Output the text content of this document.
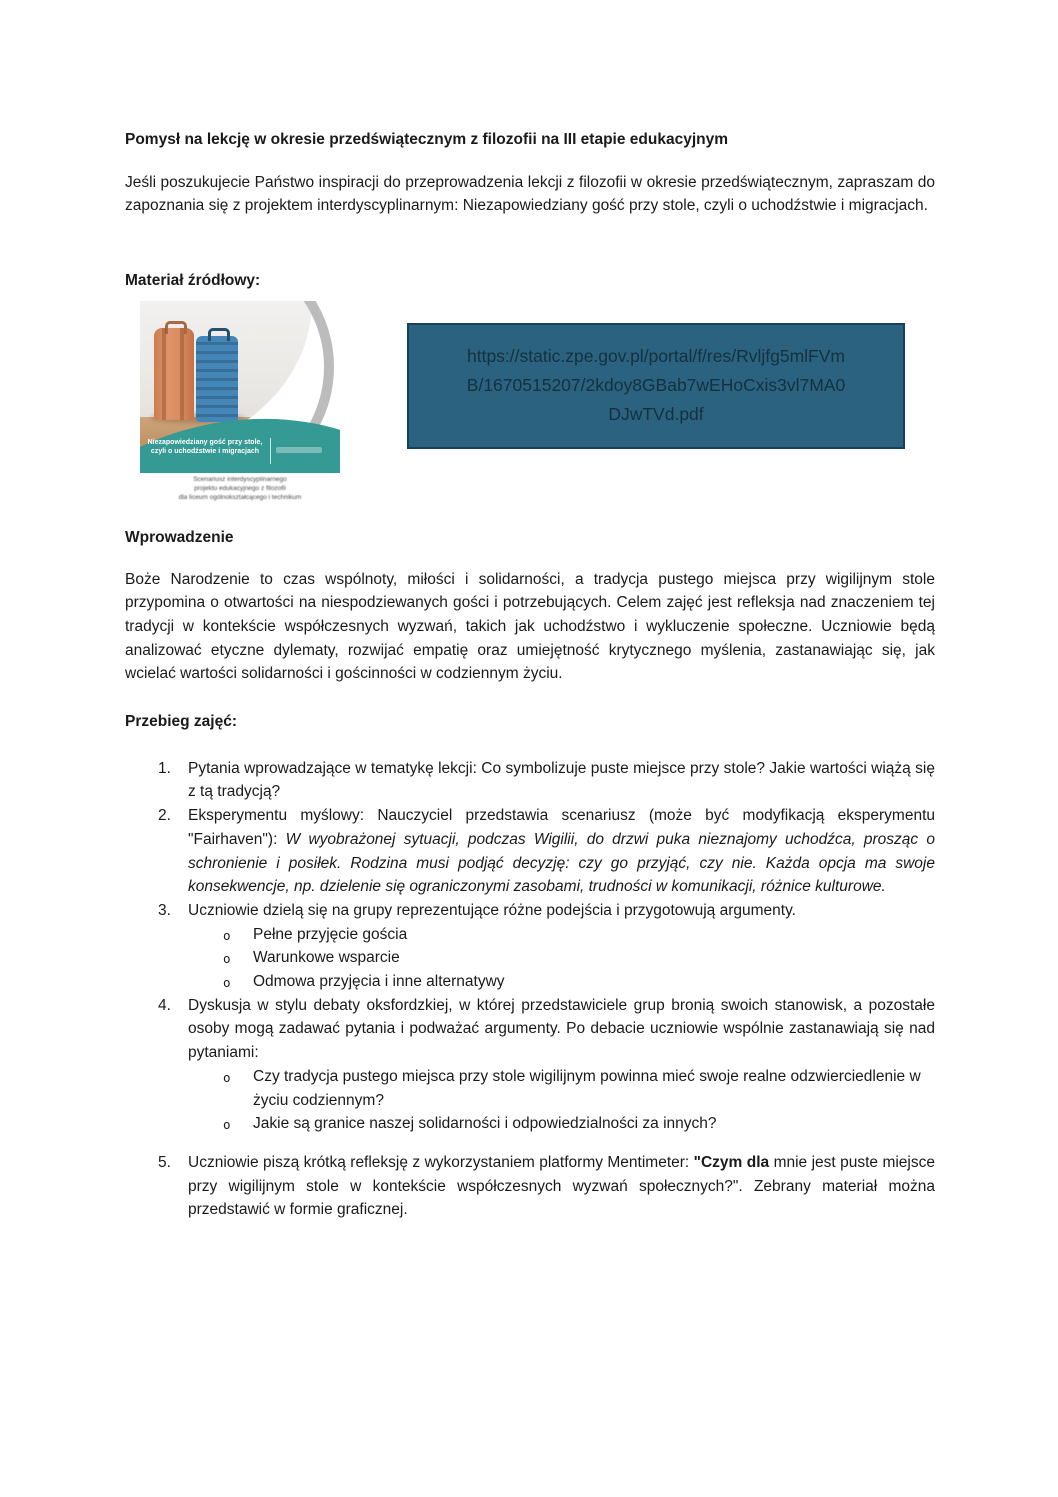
Pomysł na lekcję w okresie przedświątecznym z filozofii na III etapie edukacyjnym

Jeśli poszukujecie Państwo inspiracji do przeprowadzenia lekcji z filozofii w okresie przedświątecznym, zapraszam do zapoznania się z projektem interdyscyplinarnym: Niezapowiedziany gość przy stole, czyli o uchodźstwie i migracjach.

Materiał źródłowy:
Niezapowiedziany gość przy stole,
czyli o uchodźstwie i migracjach
Scenariusz interdyscyplinarnego
projektu edukacyjnego z filozofii
dla liceum ogólnokształcącego i technikum
https://static.zpe.gov.pl/portal/f/res/Rvljfg5mlFVm
B/1670515207/2kdoy8GBab7wEHoCxis3vl7MA0
DJwTVd.pdf
Wprowadzenie

Boże Narodzenie to czas wspólnoty, miłości i solidarności, a tradycja pustego miejsca przy wigilijnym stole przypomina o otwartości na niespodziewanych gości i potrzebujących. Celem zajęć jest refleksja nad znaczeniem tej tradycji w kontekście współczesnych wyzwań, takich jak uchodźstwo i wykluczenie społeczne. Uczniowie będą analizować etyczne dylematy, rozwijać empatię oraz umiejętność krytycznego myślenia, zastanawiając się, jak wcielać wartości solidarności i gościnności w codziennym życiu.

Przebieg zajęć:
1. Pytania wprowadzające w tematykę lekcji: Co symbolizuje puste miejsce przy stole? Jakie wartości wiążą się z tą tradycją?
2. Eksperymentu myślowy: Nauczyciel przedstawia scenariusz (może być modyfikacją eksperymentu "Fairhaven"): W wyobrażonej sytuacji, podczas Wigilii, do drzwi puka nieznajomy uchodźca, prosząc o schronienie i posiłek. Rodzina musi podjąć decyzję: czy go przyjąć, czy nie. Każda opcja ma swoje konsekwencje, np. dzielenie się ograniczonymi zasobami, trudności w komunikacji, różnice kulturowe.
3. Uczniowie dzielą się na grupy reprezentujące różne podejścia i przygotowują argumenty.
o Pełne przyjęcie gościa
o Warunkowe wsparcie
o Odmowa przyjęcia i inne alternatywy
4. Dyskusja w stylu debaty oksfordzkiej, w której przedstawiciele grup bronią swoich stanowisk, a pozostałe osoby mogą zadawać pytania i podważać argumenty. Po debacie uczniowie wspólnie zastanawiają się nad pytaniami:
o Czy tradycja pustego miejsca przy stole wigilijnym powinna mieć swoje realne odzwierciedlenie w życiu codziennym?
o Jakie są granice naszej solidarności i odpowiedzialności za innych?
5. Uczniowie piszą krótką refleksję z wykorzystaniem platformy Mentimeter: "Czym dla mnie jest puste miejsce przy wigilijnym stole w kontekście współczesnych wyzwań społecznych?". Zebrany materiał można przedstawić w formie graficznej.
